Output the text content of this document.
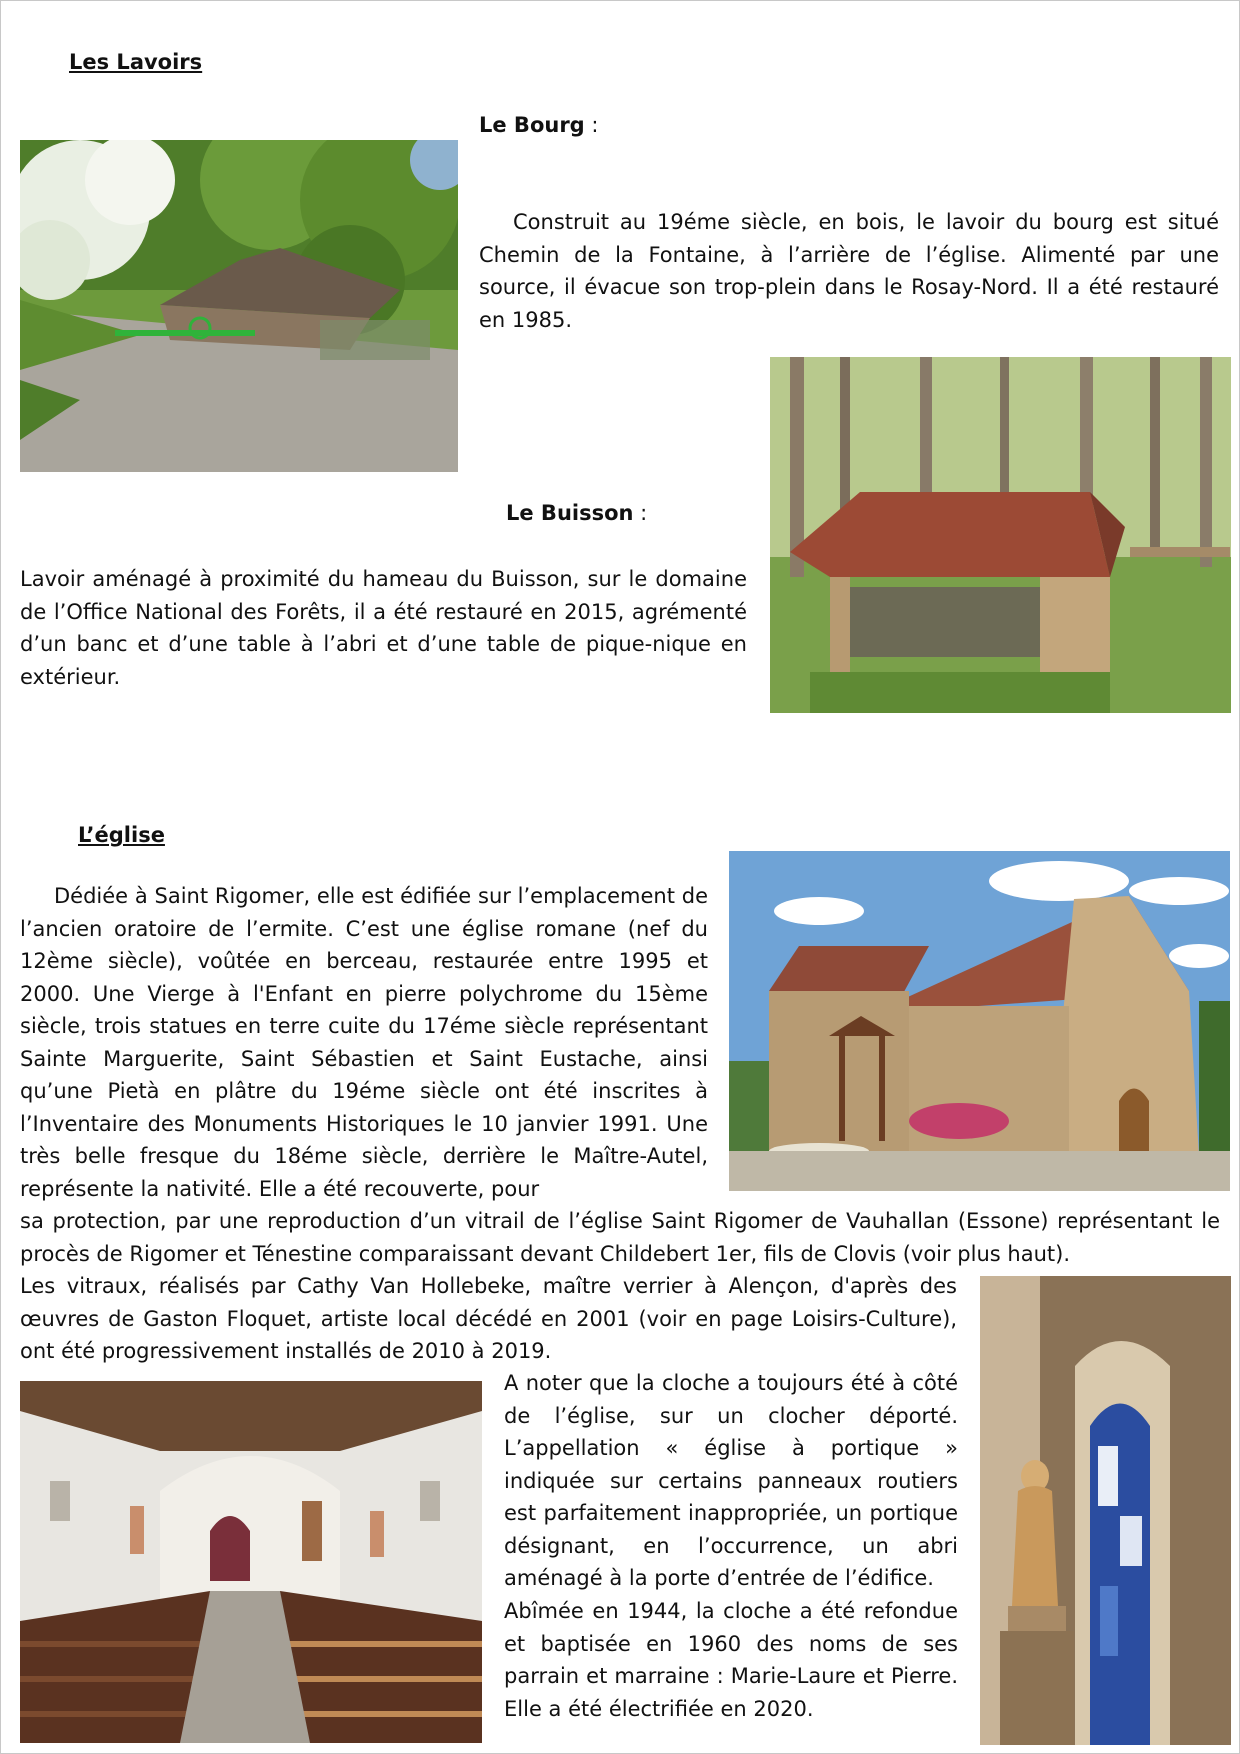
Les Lavoirs
Le Bourg :

Construit au 19éme siècle, en bois, le lavoir du bourg est situé Chemin de la Fontaine, à l’arrière de l’église. Alimenté par une source, il évacue son trop-plein dans le Rosay-Nord. Il a été restauré en 1985.

Le Buisson :

Lavoir aménagé à proximité du hameau du Buisson, sur le domaine de l’Office National des Forêts, il a été restauré en 2015, agrémenté d’un banc et d’une table à l’abri et d’une table de pique-nique en extérieur.

L’église

Dédiée à Saint Rigomer, elle est édifiée sur l’emplacement de l’ancien oratoire de l’ermite. C’est une église romane (nef du 12ème siècle), voûtée en berceau, restaurée entre 1995 et 2000. Une Vierge à l'Enfant en pierre polychrome du 15ème siècle, trois statues en terre cuite du 17éme siècle représentant Sainte Marguerite, Saint Sébastien et Saint Eustache, ainsi qu’une Pietà en plâtre du 19éme siècle ont été inscrites à l’Inventaire des Monuments Historiques le 10 janvier 1991. Une très belle fresque du 18éme siècle, derrière le Maître-Autel, représente la nativité. Elle a été recouverte, pour

sa protection, par une reproduction d’un vitrail de l’église Saint Rigomer de Vauhallan (Essone) représentant le procès de Rigomer et Ténestine comparaissant devant Childebert 1er, fils de Clovis (voir plus haut).

Les vitraux, réalisés par Cathy Van Hollebeke, maître verrier à Alençon, d'après des œuvres de Gaston Floquet, artiste local décédé en 2001 (voir en page Loisirs-Culture), ont été progressivement installés de 2010 à 2019.

A noter que la cloche a toujours été à côté de l’église, sur un clocher déporté. L’appellation « église à portique » indiquée sur certains panneaux routiers est parfaitement inappropriée, un portique désignant, en l’occurrence, un abri aménagé à la porte d’entrée de l’édifice.

Abîmée en 1944, la cloche a été refondue et baptisée en 1960 des noms de ses parrain et marraine : Marie-Laure et Pierre. Elle a été électrifiée en 2020.
